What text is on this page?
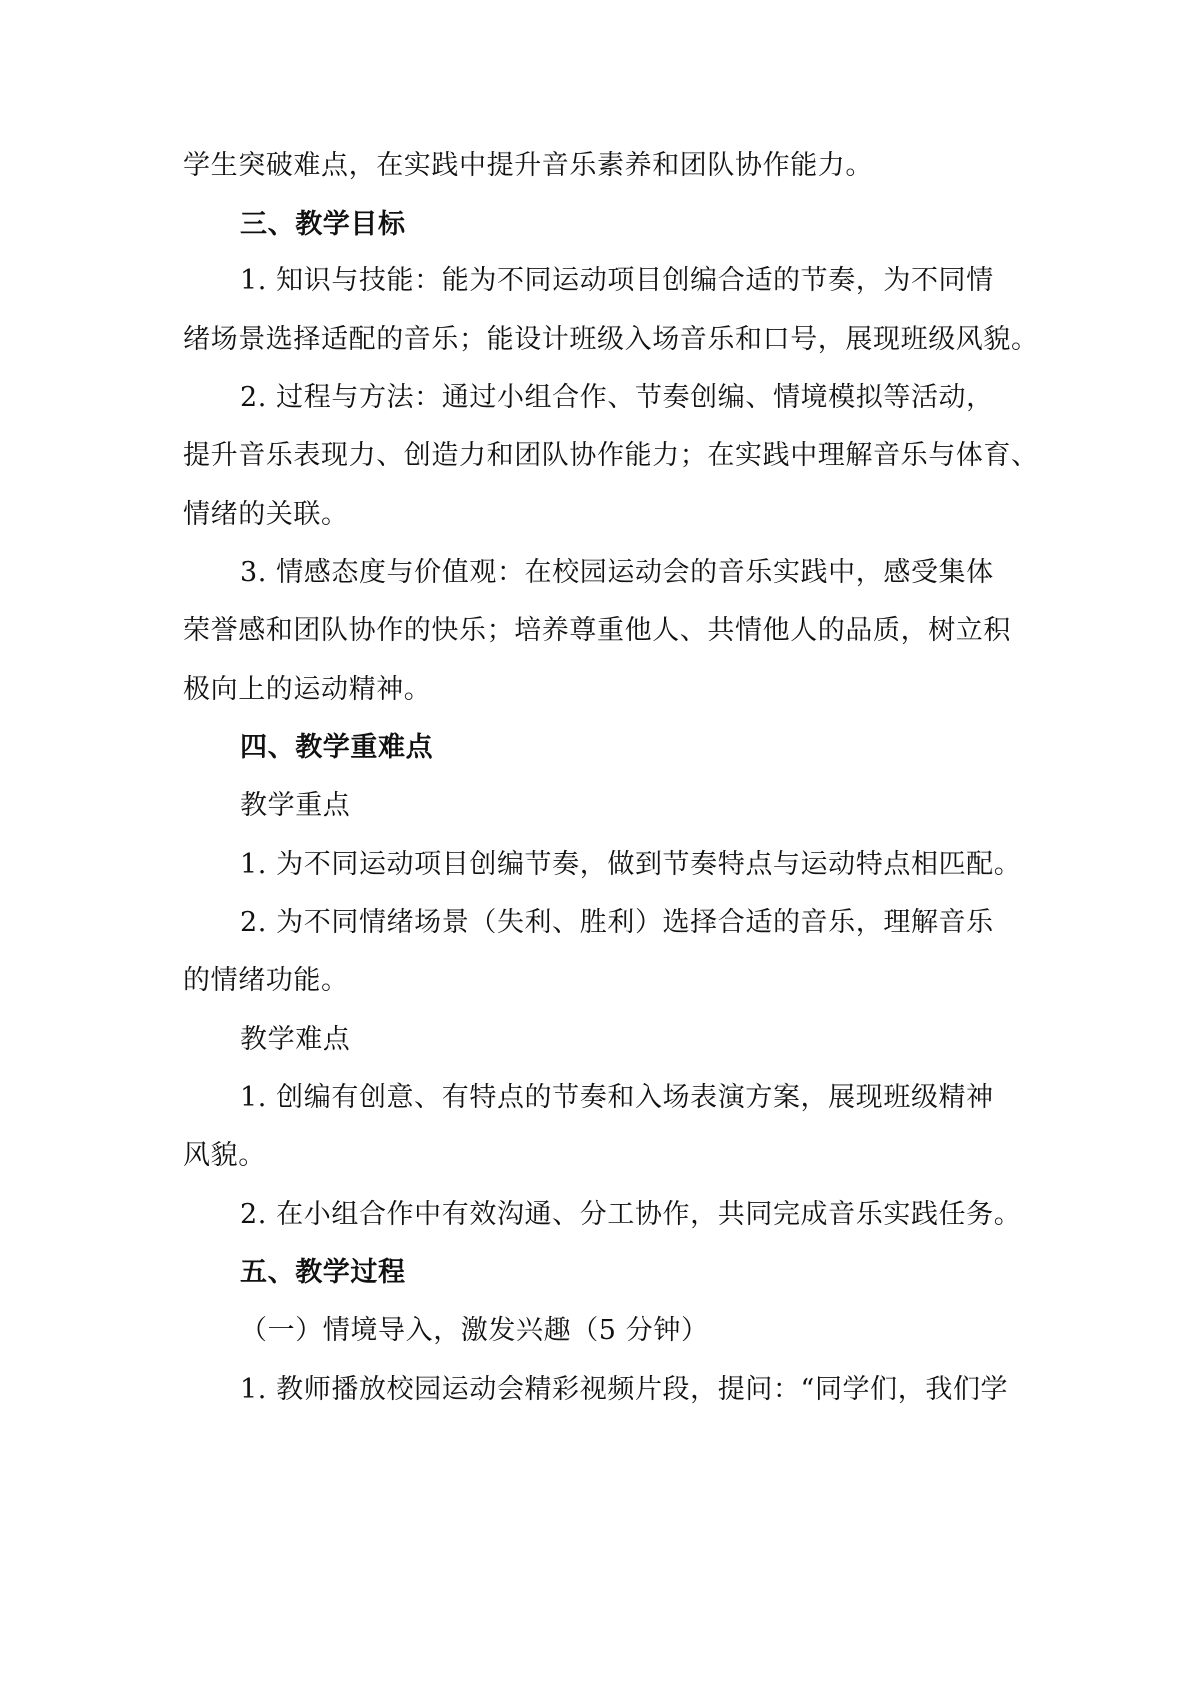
学生突破难点，在实践中提升音乐素养和团队协作能力。
三、教学目标
1. 知识与技能：能为不同运动项目创编合适的节奏，为不同情
绪场景选择适配的音乐；能设计班级入场音乐和口号，展现班级风貌。
2. 过程与方法：通过小组合作、节奏创编、情境模拟等活动，
提升音乐表现力、创造力和团队协作能力；在实践中理解音乐与体育、
情绪的关联。
3. 情感态度与价值观：在校园运动会的音乐实践中，感受集体
荣誉感和团队协作的快乐；培养尊重他人、共情他人的品质，树立积
极向上的运动精神。
四、教学重难点
教学重点
1. 为不同运动项目创编节奏，做到节奏特点与运动特点相匹配。
2. 为不同情绪场景（失利、胜利）选择合适的音乐，理解音乐
的情绪功能。
教学难点
1. 创编有创意、有特点的节奏和入场表演方案，展现班级精神
风貌。
2. 在小组合作中有效沟通、分工协作，共同完成音乐实践任务。
五、教学过程
（一）情境导入，激发兴趣（5 分钟）
1. 教师播放校园运动会精彩视频片段，提问：“同学们，我们学
